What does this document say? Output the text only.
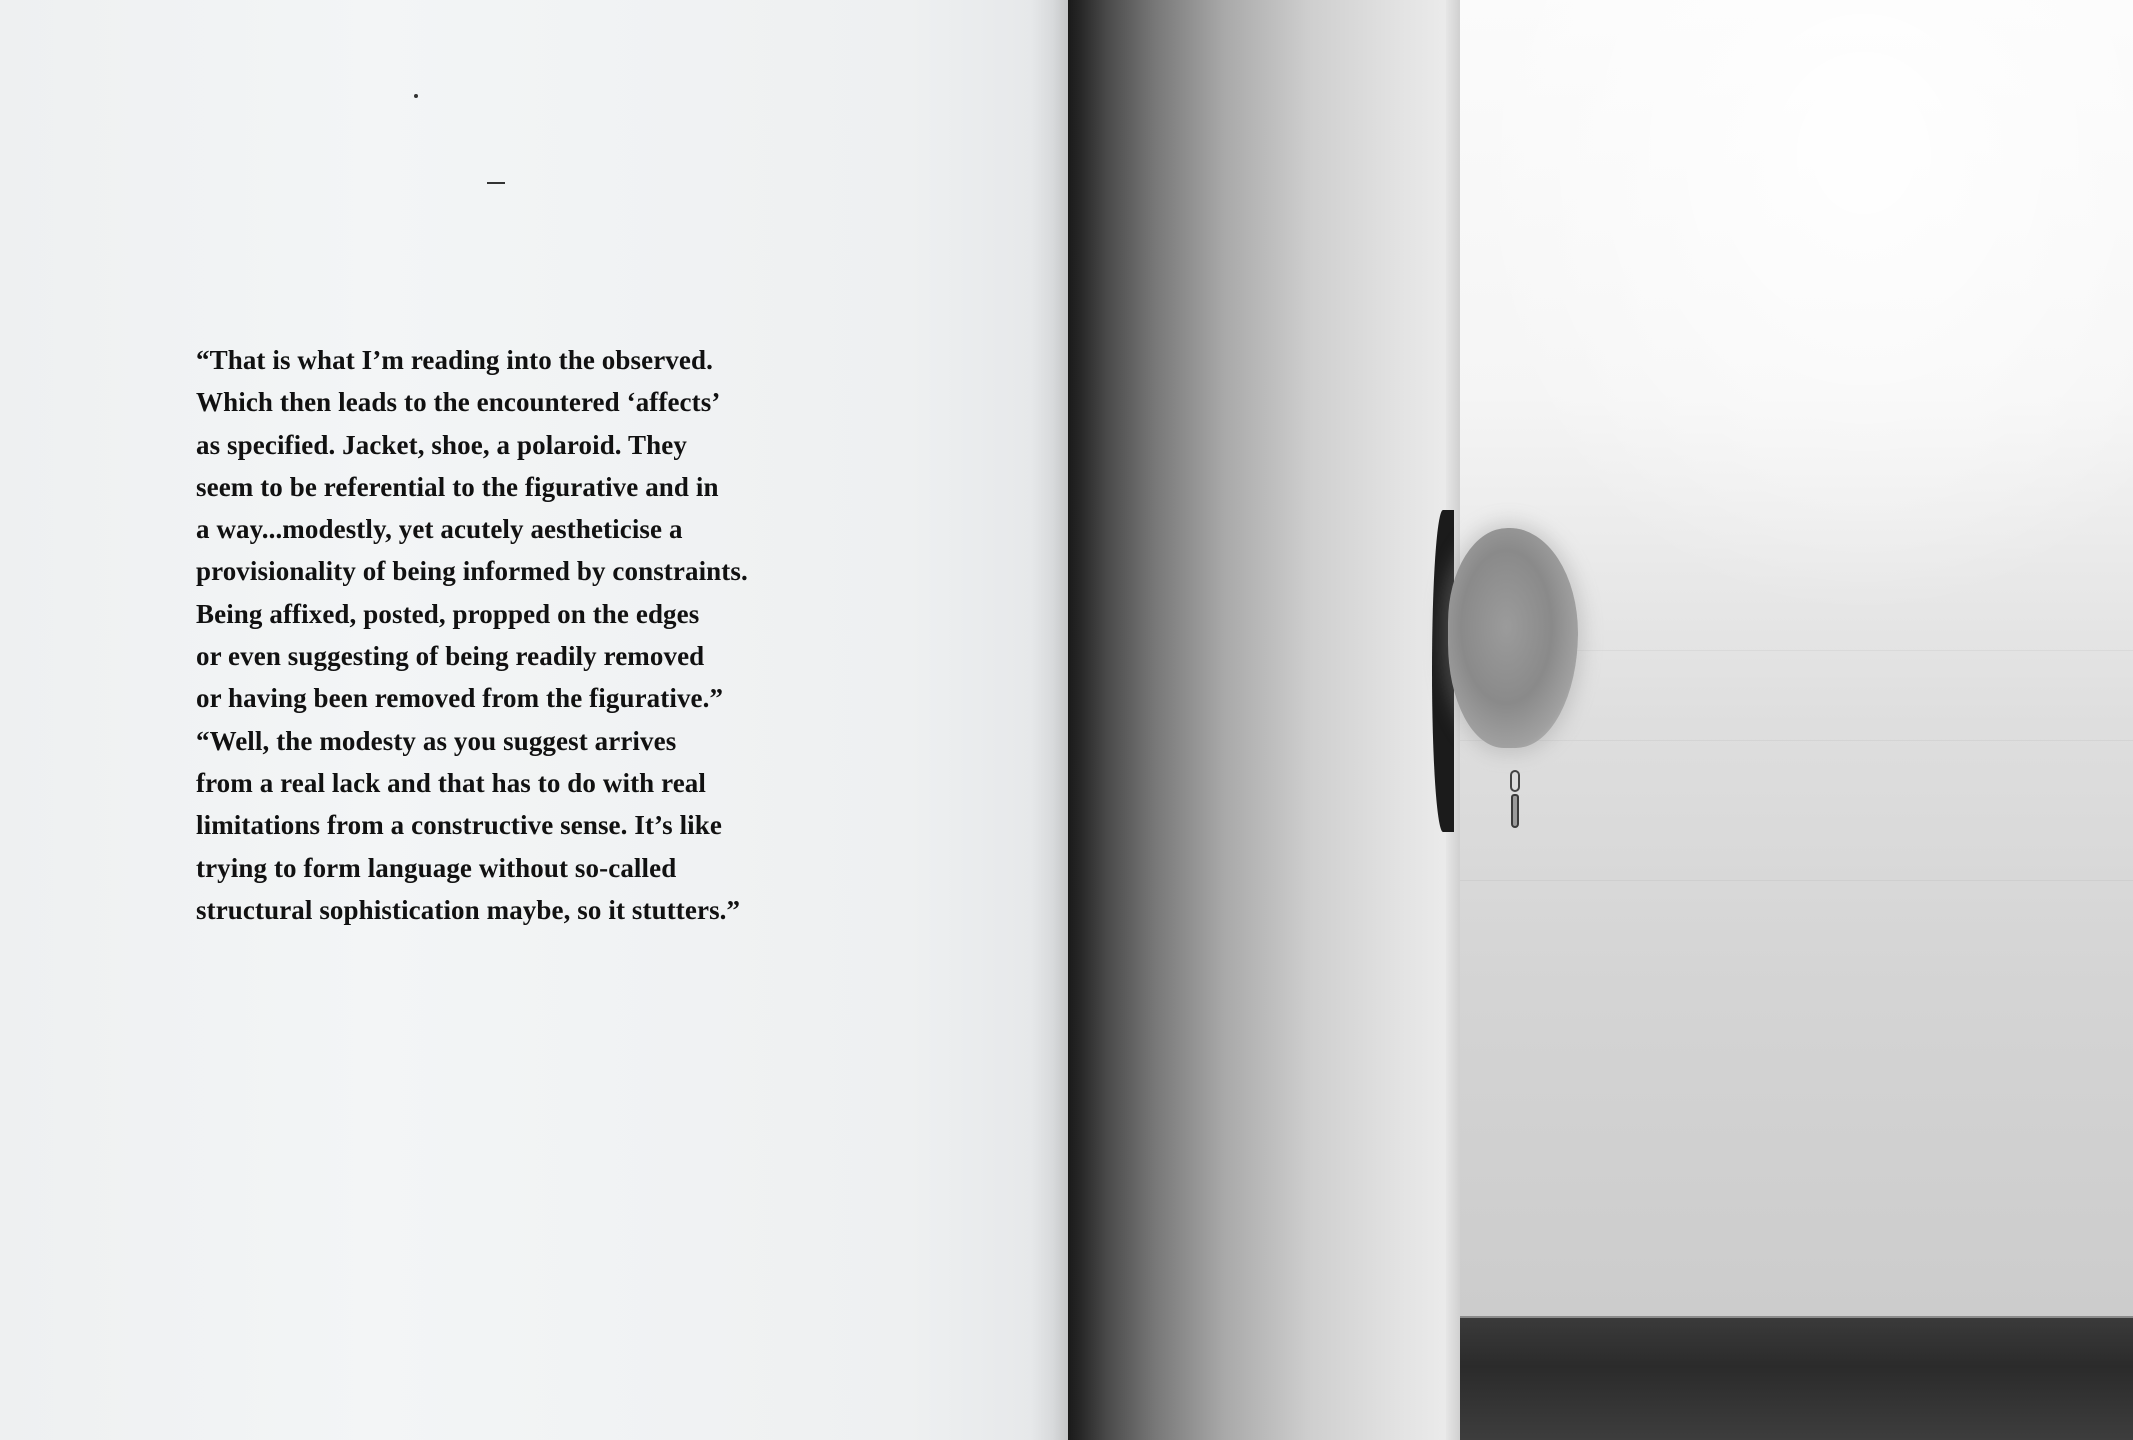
“That is what I’m reading into the observed.
Which then leads to the encountered ‘affects’
as specified. Jacket, shoe, a polaroid. They
seem to be referential to the figurative and in
a way...modestly, yet acutely aestheticise a
provisionality of being informed by constraints.
Being affixed, posted, propped on the edges
or even suggesting of being readily removed
or having been removed from the figurative.”
“Well, the modesty as you suggest arrives
from a real lack and that has to do with real
limitations from a constructive sense. It’s like
trying to form language without so-called
structural sophistication maybe, so it stutters.”
